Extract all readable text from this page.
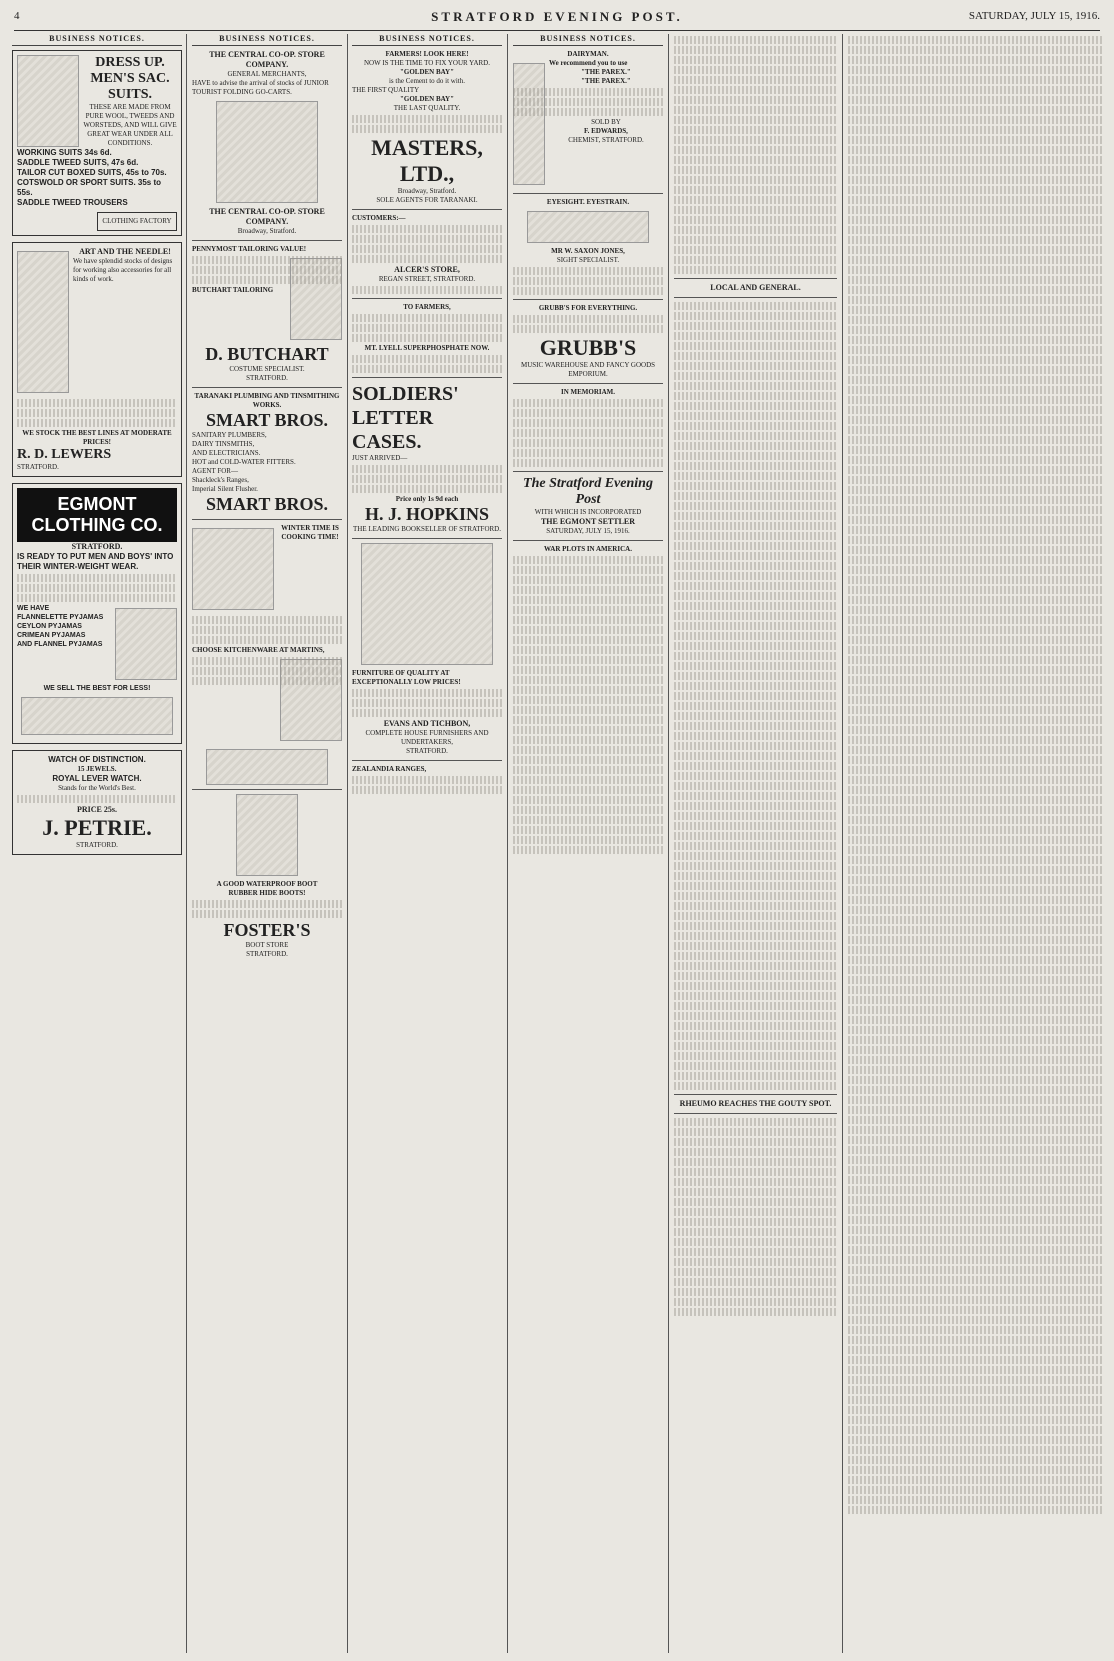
4	STRATFORD EVENING POST.	SATURDAY, JULY 15, 1916.
BUSINESS NOTICES.
DRESS UP.
MEN'S SAC. SUITS.
THESE ARE MADE FROM PURE WOOL, TWEEDS AND WORSTEDS, AND WILL GIVE GREAT WEAR UNDER ALL CONDITIONS.
WORKING SUITS 34s 6d.
SADDLE TWEED SUITS, 47s 6d.
TAILOR CUT BOXED SUITS, 45s to 70s.
COTSWOLD OR SPORT SUITS. 35s to 55s.
SADDLE TWEED TROUSERS
CLOTHING FACTORY
ART AND THE NEEDLE!
We have splendid stocks of designs for working also accessories for all kinds of work.
WE STOCK THE BEST LINES AT MODERATE PRICES!
R. D. LEWERS
STRATFORD.
EGMONT CLOTHING CO.
STRATFORD.
IS READY TO PUT MEN AND BOYS' INTO THEIR WINTER-WEIGHT WEAR.
WE HAVE
FLANNELETTE PYJAMAS
CEYLON PYJAMAS
CRIMEAN PYJAMAS
AND FLANNEL PYJAMAS
WE SELL THE BEST FOR LESS!
WATCH OF DISTINCTION.
15 JEWELS.
ROYAL LEVER WATCH.
Stands for the World's Best.
PRICE 25s.
J. PETRIE.
STRATFORD.
BUSINESS NOTICES.
THE CENTRAL CO-OP. STORE COMPANY.
GENERAL MERCHANTS,
HAVE to advise the arrival of stocks of JUNIOR TOURIST FOLDING GO-CARTS.
THE CENTRAL CO-OP. STORE COMPANY.
Broadway, Stratford.
PENNYMOST TAILORING VALUE!
BUTCHART TAILORING
D. BUTCHART
COSTUME SPECIALIST.
STRATFORD.
TARANAKI PLUMBING AND TINSMITHING WORKS.
SMART BROS.
SANITARY PLUMBERS,
DAIRY TINSMITHS,
AND ELECTRICIANS.
HOT and COLD-WATER FITTERS.
AGENT FOR—
Shackleck's Ranges,
Imperial Silent Flusher.
SMART BROS.
WINTER TIME IS COOKING TIME!
CHOOSE KITCHENWARE AT MARTINS,
A GOOD WATERPROOF BOOT
RUBBER HIDE BOOTS!
FOSTER'S
BOOT STORE
STRATFORD.
BUSINESS NOTICES.
FARMERS! LOOK HERE!
NOW IS THE TIME TO FIX YOUR YARD.
"GOLDEN BAY"
is the Cement to do it with.
THE FIRST QUALITY
"GOLDEN BAY"
THE LAST QUALITY.
MASTERS, LTD.,
Broadway, Stratford.
SOLE AGENTS FOR TARANAKI.
CUSTOMERS:—
ALCER'S STORE,
REGAN STREET, STRATFORD.
TO FARMERS,
MT. LYELL SUPERPHOSPHATE NOW.
SOLDIERS' LETTER CASES.
JUST ARRIVED—
Price only 1s 9d each
H. J. HOPKINS
THE LEADING BOOKSELLER OF STRATFORD.
FURNITURE OF QUALITY AT EXCEPTIONALLY LOW PRICES!
EVANS AND TICHBON,
COMPLETE HOUSE FURNISHERS AND UNDERTAKERS,
STRATFORD.
ZEALANDIA RANGES,
BUSINESS NOTICES.
DAIRYMAN.
We recommend you to use
"THE PAREX."
"THE PAREX."
SOLD BY
F. EDWARDS,
CHEMIST, STRATFORD.
EYESIGHT. EYESTRAIN.
MR W. SAXON JONES,
SIGHT SPECIALIST.
GRUBB'S FOR EVERYTHING.
GRUBB'S
MUSIC WAREHOUSE AND FANCY GOODS EMPORIUM.
IN MEMORIAM.
The Stratford Evening Post
WITH WHICH IS INCORPORATED
THE EGMONT SETTLER
SATURDAY, JULY 15, 1916.
WAR PLOTS IN AMERICA.
LOCAL AND GENERAL.
RHEUMO REACHES THE GOUTY SPOT.
